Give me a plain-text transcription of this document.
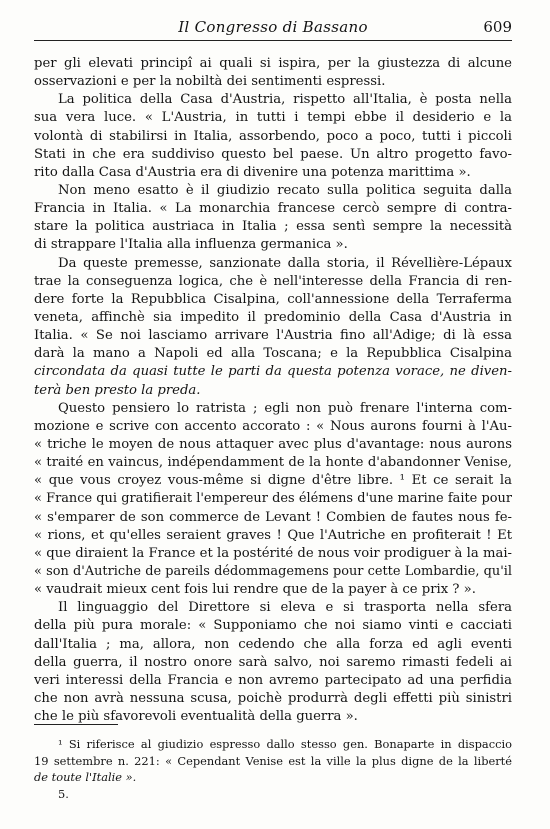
Il Congresso di Bassano	609
per gli elevati principî ai quali si ispira, per la giustezza di alcune
osservazioni e per la nobiltà dei sentimenti espressi.
La politica della Casa d'Austria, rispetto all'Italia, è posta nella
sua vera luce. « L'Austria, in tutti i tempi ebbe il desiderio e la
volontà di stabilirsi in Italia, assorbendo, poco a poco, tutti i piccoli
Stati in che era suddiviso questo bel paese. Un altro progetto favo-
rito dalla Casa d'Austria era di divenire una potenza marittima ».
Non meno esatto è il giudizio recato sulla politica seguita dalla
Francia in Italia. « La monarchia francese cercò sempre di contra-
stare la politica austriaca in Italia ; essa sentì sempre la necessità
di strappare l'Italia alla influenza germanica ».
Da queste premesse, sanzionate dalla storia, il Révellière-Lépaux
trae la conseguenza logica, che è nell'interesse della Francia di ren-
dere forte la Repubblica Cisalpina, coll'annessione della Terraferma
veneta, affinchè sia impedito il predominio della Casa d'Austria in
Italia. « Se noi lasciamo arrivare l'Austria fino all'Adige; di là essa
darà la mano a Napoli ed alla Toscana; e la Repubblica Cisalpina
circondata da quasi tutte le parti da questa potenza vorace, ne diven-
terà ben presto la preda.
Questo pensiero lo ratrista ; egli non può frenare l'interna com-
mozione e scrive con accento accorato : « Nous aurons fourni à l'Au-
« triche le moyen de nous attaquer avec plus d'avantage: nous aurons
« traité en vaincus, indépendamment de la honte d'abandonner Venise,
« que vous croyez vous-même si digne d'être libre. ¹ Et ce serait la
« France qui gratifierait l'empereur des élémens d'une marine faite pour
« s'emparer de son commerce de Levant ! Combien de fautes nous fe-
« rions, et qu'elles seraient graves ! Que l'Autriche en profiterait ! Et
« que diraient la France et la postérité de nous voir prodiguer à la mai-
« son d'Autriche de pareils dédommagemens pour cette Lombardie, qu'il
« vaudrait mieux cent fois lui rendre que de la payer à ce prix ? ».
Il linguaggio del Direttore si eleva e si trasporta nella sfera
della più pura morale: « Supponiamo che noi siamo vinti e cacciati
dall'Italia ; ma, allora, non cedendo che alla forza ed agli eventi
della guerra, il nostro onore sarà salvo, noi saremo rimasti fedeli ai
veri interessi della Francia e non avremo partecipato ad una perfidia
che non avrà nessuna scusa, poichè produrrà degli effetti più sinistri
che le più sfavorevoli eventualità della guerra ».
¹ Si riferisce al giudizio espresso dallo stesso gen. Bonaparte in dispaccio
19 settembre n. 221: « Cependant Venise est la ville la plus digne de la liberté
de toute l'Italie ».
5.
